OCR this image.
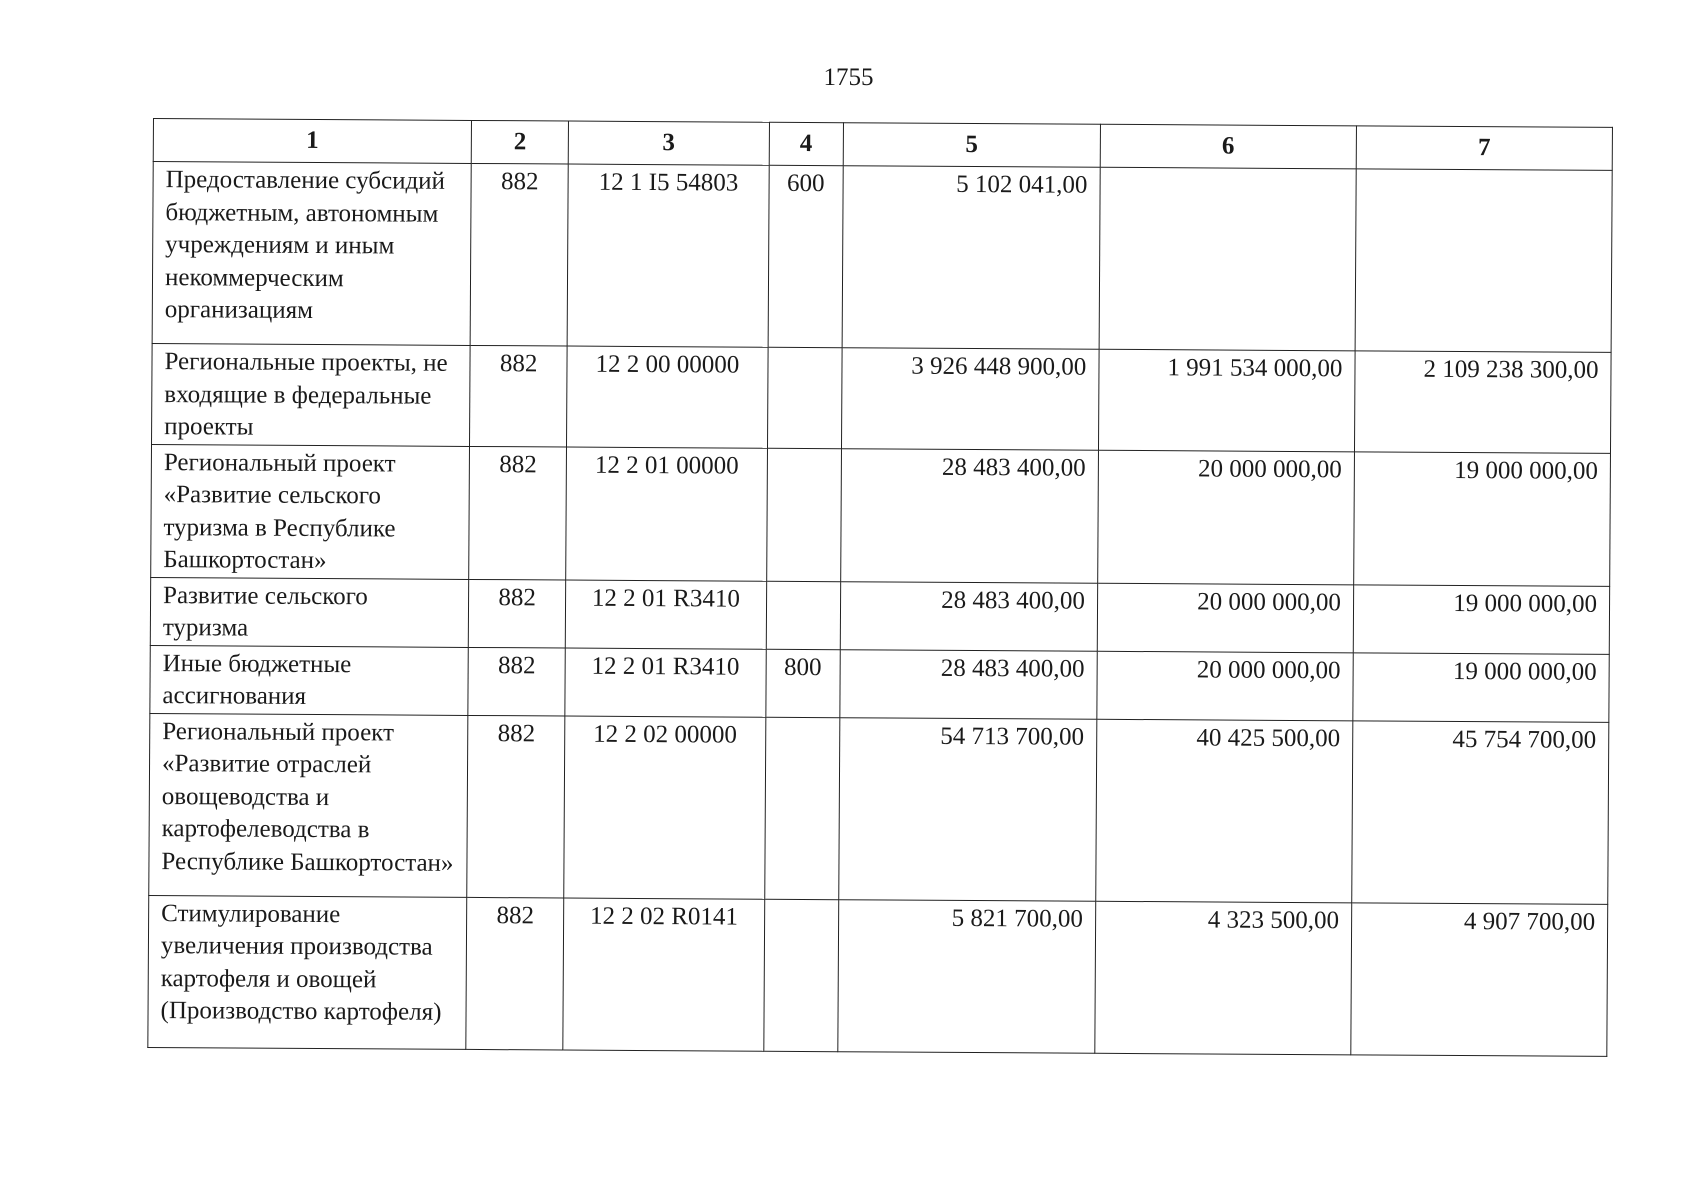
1755
1	2	3	4	5	6	7
Предоставление субсидий бюджетным, автономным учреждениям и иным некоммерческим организациям	882	12 1 I5 54803	600	5 102 041,00		
Региональные проекты, не входящие в федеральные проекты	882	12 2 00 00000		3 926 448 900,00	1 991 534 000,00	2 109 238 300,00
Региональный проект «Развитие сельского туризма в Республике Башкортостан»	882	12 2 01 00000		28 483 400,00	20 000 000,00	19 000 000,00
Развитие сельского туризма	882	12 2 01 R3410		28 483 400,00	20 000 000,00	19 000 000,00
Иные бюджетные ассигнования	882	12 2 01 R3410	800	28 483 400,00	20 000 000,00	19 000 000,00
Региональный проект «Развитие отраслей овощеводства и картофелеводства в Республике Башкортостан»	882	12 2 02 00000		54 713 700,00	40 425 500,00	45 754 700,00
Стимулирование увеличения производства картофеля и овощей (Производство картофеля)	882	12 2 02 R0141		5 821 700,00	4 323 500,00	4 907 700,00
